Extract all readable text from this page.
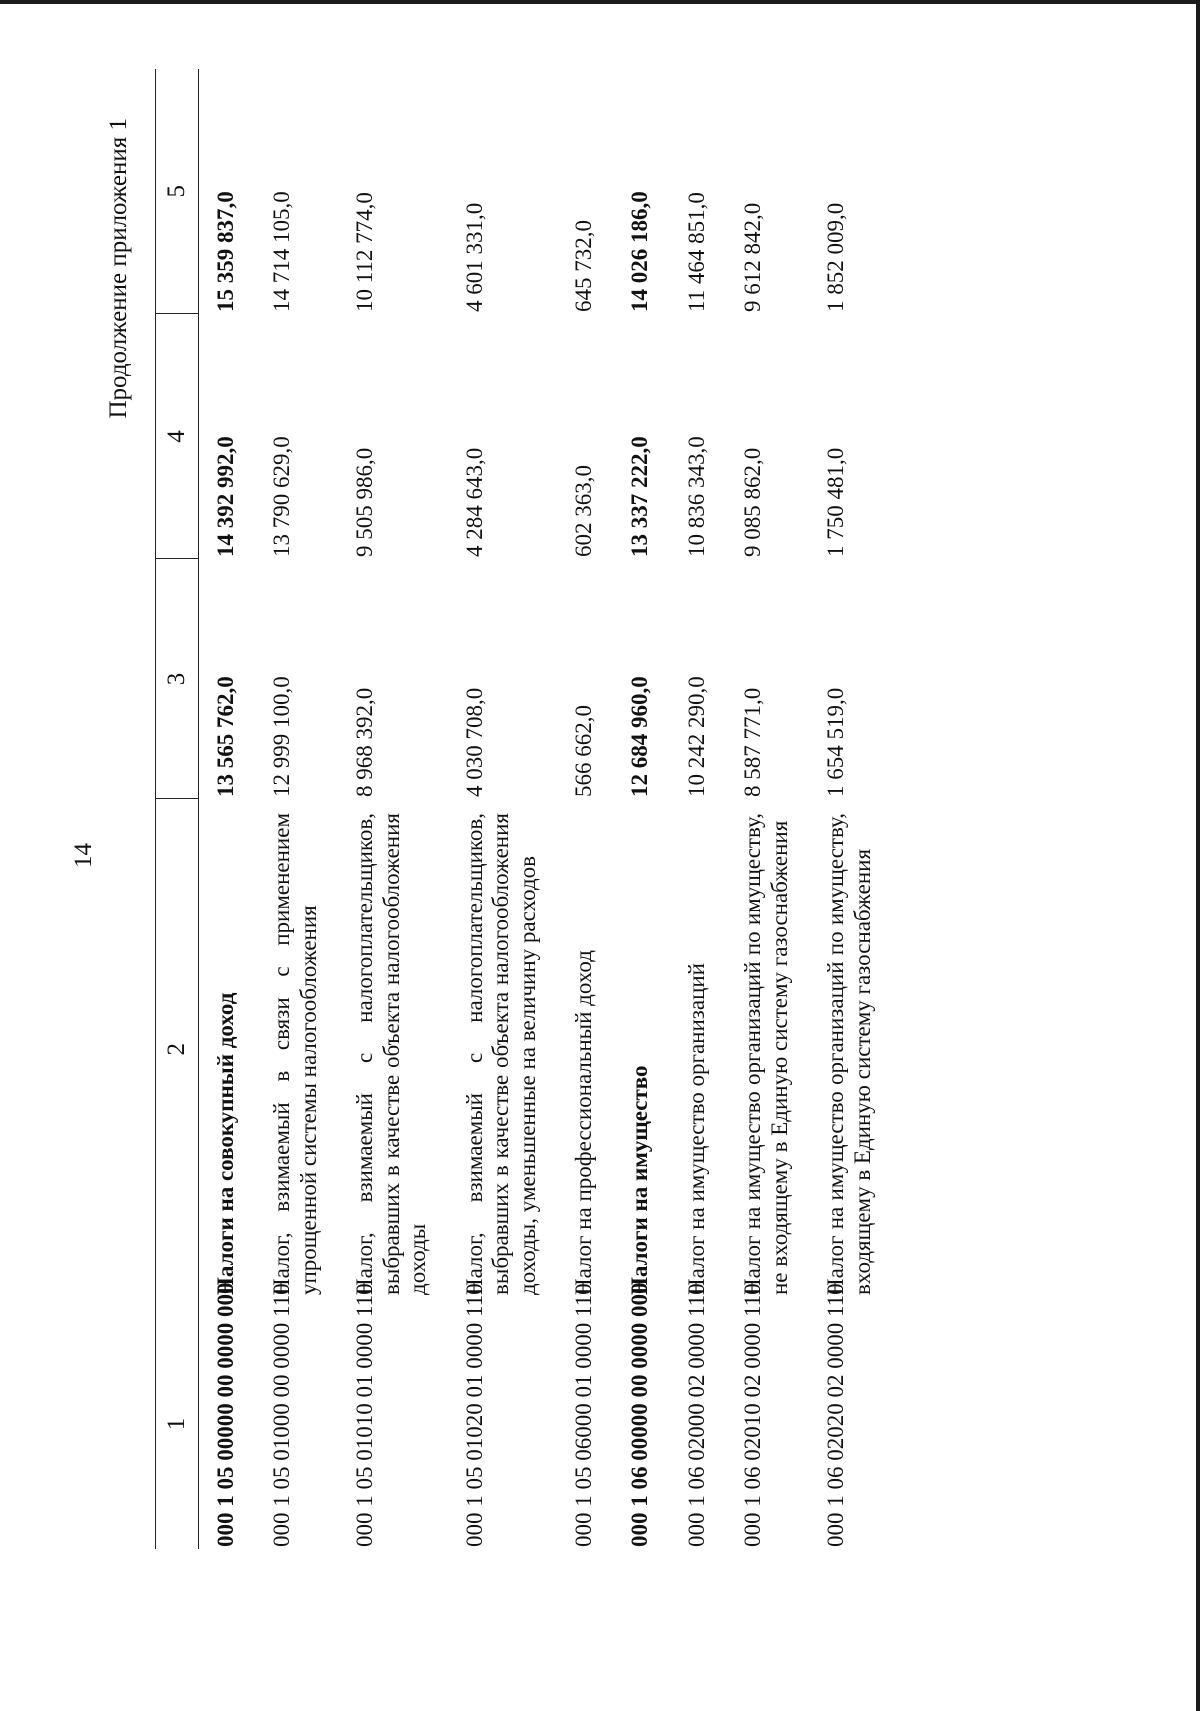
14
Продолжение приложения 1
1	2	3	4	5
000 1 05 00000 00 0000 000	Налоги на совокупный доход	13 565 762,0	14 392 992,0	15 359 837,0
000 1 05 01000 00 0000 110	Налог, взимаемый в связи с применением упрощенной системы налогообложения	12 999 100,0	13 790 629,0	14 714 105,0
000 1 05 01010 01 0000 110	Налог, взимаемый с налогоплательщиков, выбравших в качестве объекта налогообложения доходы	8 968 392,0	9 505 986,0	10 112 774,0
000 1 05 01020 01 0000 110	Налог, взимаемый с налогоплательщиков, выбравших в качестве объекта налогообложения доходы, уменьшенные на величину расходов	4 030 708,0	4 284 643,0	4 601 331,0
000 1 05 06000 01 0000 110	Налог на профессиональный доход	566 662,0	602 363,0	645 732,0
000 1 06 00000 00 0000 000	Налоги на имущество	12 684 960,0	13 337 222,0	14 026 186,0
000 1 06 02000 02 0000 110	Налог на имущество организаций	10 242 290,0	10 836 343,0	11 464 851,0
000 1 06 02010 02 0000 110	Налог на имущество организаций по имуществу, не входящему в Единую систему газоснабжения	8 587 771,0	9 085 862,0	9 612 842,0
000 1 06 02020 02 0000 110	Налог на имущество организаций по имуществу, входящему в Единую систему газоснабжения	1 654 519,0	1 750 481,0	1 852 009,0
